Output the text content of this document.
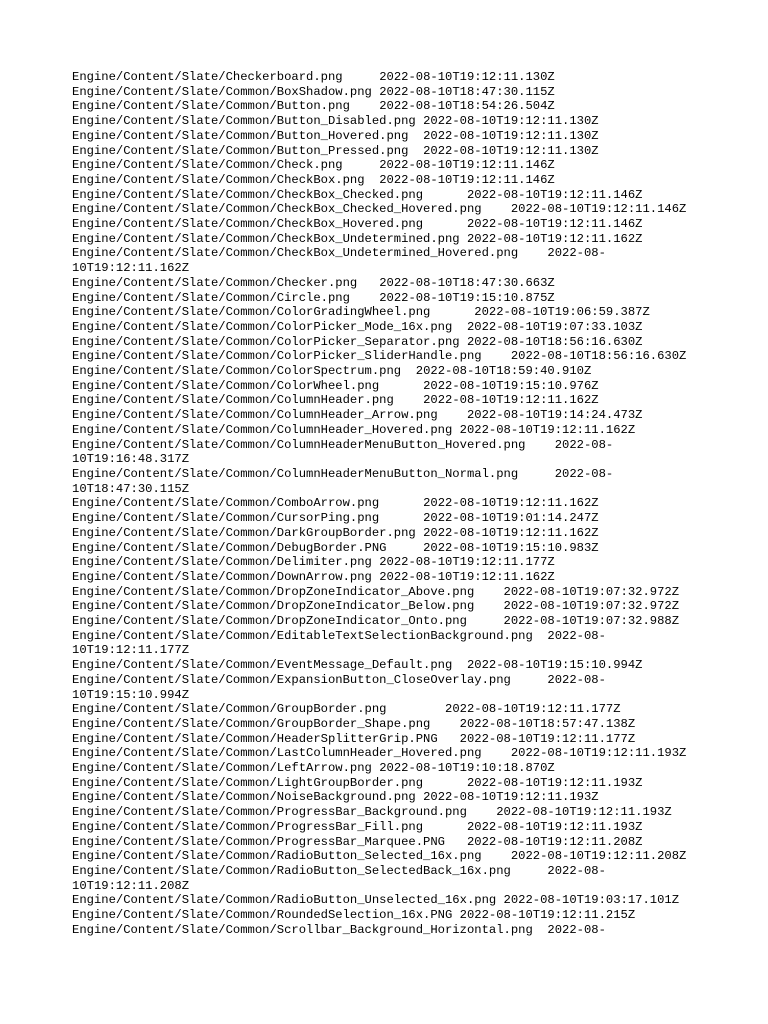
Engine/Content/Slate/Checkerboard.png	2022-08-10T19:12:11.130Z
Engine/Content/Slate/Common/BoxShadow.png 2022-08-10T18:47:30.115Z
Engine/Content/Slate/Common/Button.png 2022-08-10T18:54:26.504Z
Engine/Content/Slate/Common/Button_Disabled.png 2022-08-10T19:12:11.130Z
Engine/Content/Slate/Common/Button_Hovered.png 2022-08-10T19:12:11.130Z
Engine/Content/Slate/Common/Button_Pressed.png 2022-08-10T19:12:11.130Z
Engine/Content/Slate/Common/Check.png	2022-08-10T19:12:11.146Z
Engine/Content/Slate/Common/CheckBox.png 2022-08-10T19:12:11.146Z
Engine/Content/Slate/Common/CheckBox_Checked.png	2022-08-10T19:12:11.146Z
Engine/Content/Slate/Common/CheckBox_Checked_Hovered.png 2022-08-10T19:12:11.146Z
Engine/Content/Slate/Common/CheckBox_Hovered.png	2022-08-10T19:12:11.146Z
Engine/Content/Slate/Common/CheckBox_Undetermined.png 2022-08-10T19:12:11.162Z
Engine/Content/Slate/Common/CheckBox_Undetermined_Hovered.png 2022-08-10T19:12:11.162Z
Engine/Content/Slate/Common/Checker.png 2022-08-10T18:47:30.663Z
Engine/Content/Slate/Common/Circle.png 2022-08-10T19:15:10.875Z
Engine/Content/Slate/Common/ColorGradingWheel.png	2022-08-10T19:06:59.387Z
Engine/Content/Slate/Common/ColorPicker_Mode_16x.png 2022-08-10T19:07:33.103Z
Engine/Content/Slate/Common/ColorPicker_Separator.png 2022-08-10T18:56:16.630Z
Engine/Content/Slate/Common/ColorPicker_SliderHandle.png 2022-08-10T18:56:16.630Z
Engine/Content/Slate/Common/ColorSpectrum.png 2022-08-10T18:59:40.910Z
Engine/Content/Slate/Common/ColorWheel.png	2022-08-10T19:15:10.976Z
Engine/Content/Slate/Common/ColumnHeader.png 2022-08-10T19:12:11.162Z
Engine/Content/Slate/Common/ColumnHeader_Arrow.png 2022-08-10T19:14:24.473Z
Engine/Content/Slate/Common/ColumnHeader_Hovered.png 2022-08-10T19:12:11.162Z
Engine/Content/Slate/Common/ColumnHeaderMenuButton_Hovered.png 2022-08-10T19:16:48.317Z
Engine/Content/Slate/Common/ColumnHeaderMenuButton_Normal.png	2022-08-10T18:47:30.115Z
Engine/Content/Slate/Common/ComboArrow.png	2022-08-10T19:12:11.162Z
Engine/Content/Slate/Common/CursorPing.png	2022-08-10T19:01:14.247Z
Engine/Content/Slate/Common/DarkGroupBorder.png 2022-08-10T19:12:11.162Z
Engine/Content/Slate/Common/DebugBorder.PNG	2022-08-10T19:15:10.983Z
Engine/Content/Slate/Common/Delimiter.png 2022-08-10T19:12:11.177Z
Engine/Content/Slate/Common/DownArrow.png 2022-08-10T19:12:11.162Z
Engine/Content/Slate/Common/DropZoneIndicator_Above.png 2022-08-10T19:07:32.972Z
Engine/Content/Slate/Common/DropZoneIndicator_Below.png 2022-08-10T19:07:32.972Z
Engine/Content/Slate/Common/DropZoneIndicator_Onto.png	2022-08-10T19:07:32.988Z
Engine/Content/Slate/Common/EditableTextSelectionBackground.png 2022-08-10T19:12:11.177Z
Engine/Content/Slate/Common/EventMessage_Default.png 2022-08-10T19:15:10.994Z
Engine/Content/Slate/Common/ExpansionButton_CloseOverlay.png	2022-08-10T19:15:10.994Z
Engine/Content/Slate/Common/GroupBorder.png	2022-08-10T19:12:11.177Z
Engine/Content/Slate/Common/GroupBorder_Shape.png 2022-08-10T18:57:47.138Z
Engine/Content/Slate/Common/HeaderSplitterGrip.PNG 2022-08-10T19:12:11.177Z
Engine/Content/Slate/Common/LastColumnHeader_Hovered.png 2022-08-10T19:12:11.193Z
Engine/Content/Slate/Common/LeftArrow.png 2022-08-10T19:10:18.870Z
Engine/Content/Slate/Common/LightGroupBorder.png	2022-08-10T19:12:11.193Z
Engine/Content/Slate/Common/NoiseBackground.png 2022-08-10T19:12:11.193Z
Engine/Content/Slate/Common/ProgressBar_Background.png 2022-08-10T19:12:11.193Z
Engine/Content/Slate/Common/ProgressBar_Fill.png	2022-08-10T19:12:11.193Z
Engine/Content/Slate/Common/ProgressBar_Marquee.PNG 2022-08-10T19:12:11.208Z
Engine/Content/Slate/Common/RadioButton_Selected_16x.png 2022-08-10T19:12:11.208Z
Engine/Content/Slate/Common/RadioButton_SelectedBack_16x.png	2022-08-10T19:12:11.208Z
Engine/Content/Slate/Common/RadioButton_Unselected_16x.png 2022-08-10T19:03:17.101Z
Engine/Content/Slate/Common/RoundedSelection_16x.PNG 2022-08-10T19:12:11.215Z
Engine/Content/Slate/Common/Scrollbar_Background_Horizontal.png 2022-08-
